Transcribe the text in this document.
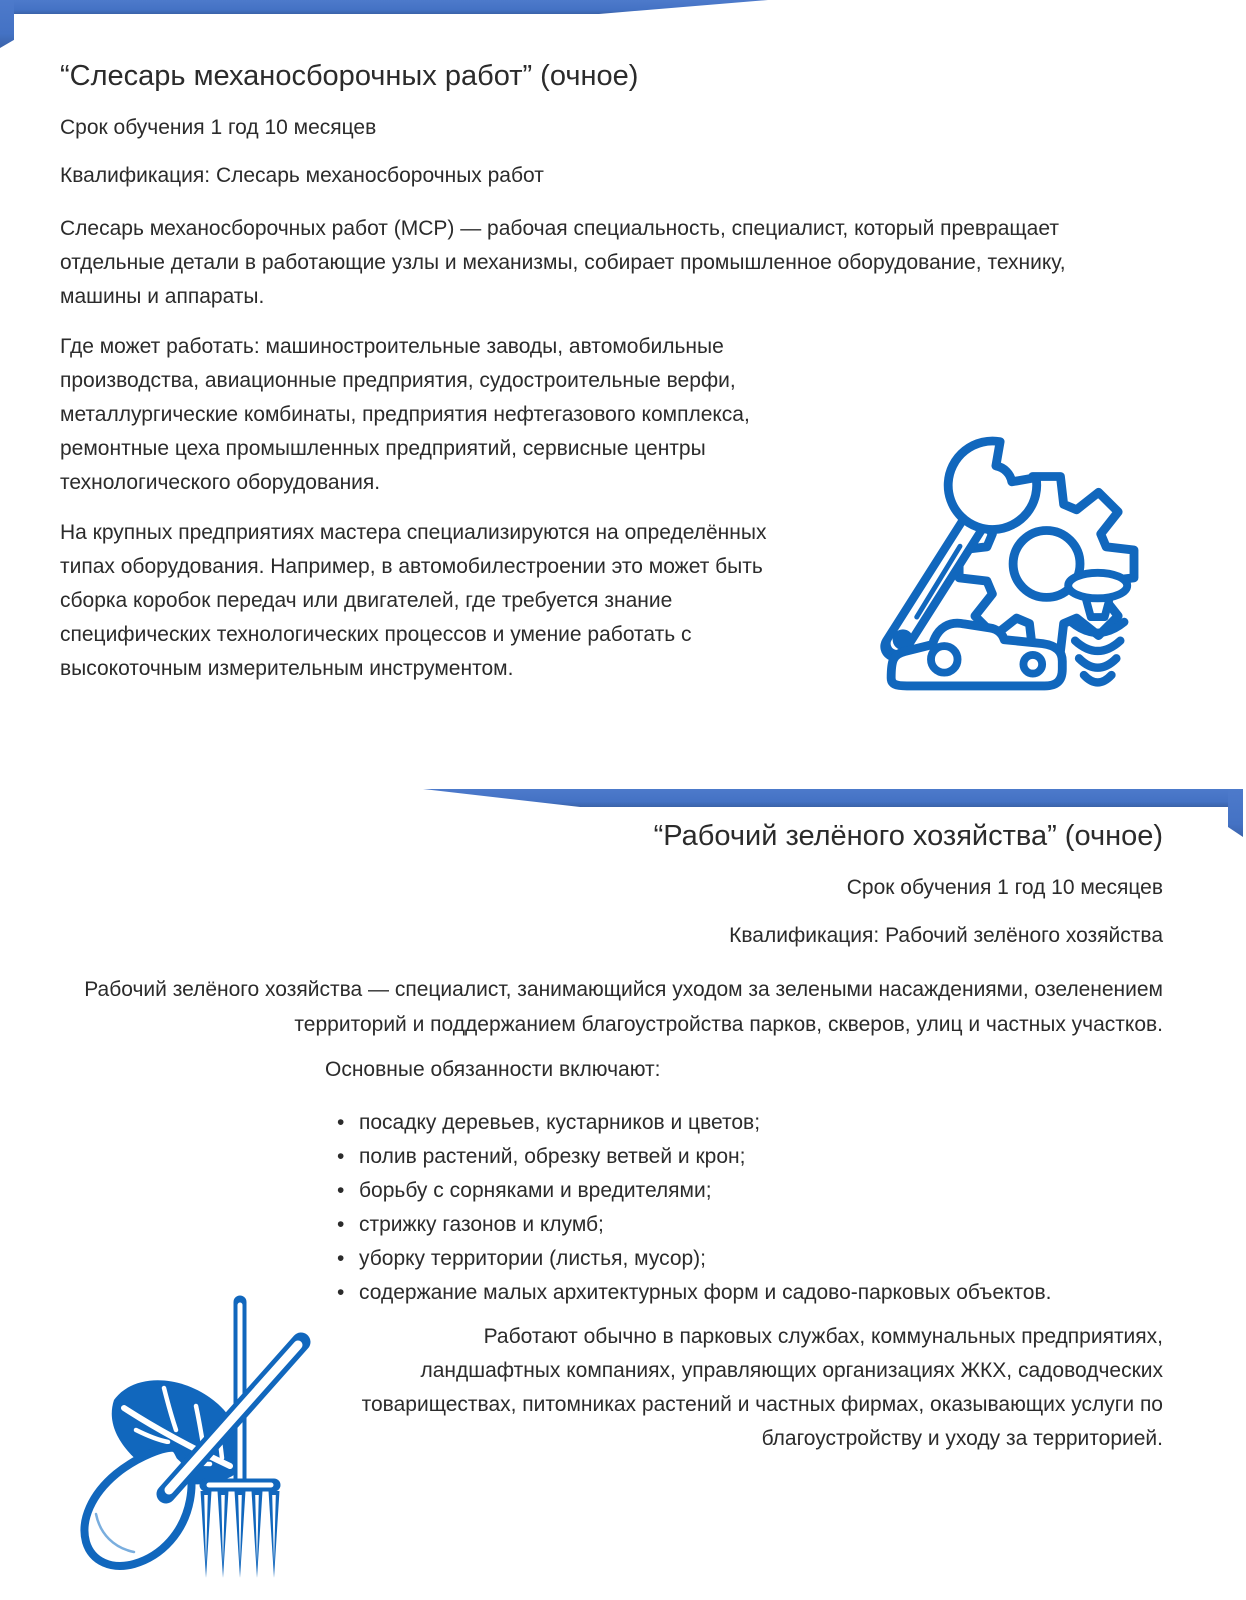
“Слесарь механосборочных работ” (очное)

Срок обучения 1 год 10 месяцев

Квалификация: Слесарь механосборочных работ

Слесарь механосборочных работ (МСР) — рабочая специальность, специалист, который превращает отдельные детали в работающие узлы и механизмы, собирает промышленное оборудование, технику, машины и аппараты.

Где может работать: машиностроительные заводы, автомобильные производства, авиационные предприятия, судостроительные верфи, металлургические комбинаты, предприятия нефтегазового комплекса, ремонтные цеха промышленных предприятий, сервисные центры технологического оборудования.

На крупных предприятиях мастера специализируются на определённых типах оборудования. Например, в автомобилестроении это может быть сборка коробок передач или двигателей, где требуется знание специфических технологических процессов и умение работать с высокоточным измерительным инструментом.

“Рабочий зелёного хозяйства” (очное)

Срок обучения 1 год 10 месяцев

Квалификация: Рабочий зелёного хозяйства

Рабочий зелёного хозяйства — специалист, занимающийся уходом за зелеными насаждениями, озеленением территорий и поддержанием благоустройства парков, скверов, улиц и частных участков.

Основные обязанности включают:

• посадку деревьев, кустарников и цветов;
• полив растений, обрезку ветвей и крон;
• борьбу с сорняками и вредителями;
• стрижку газонов и клумб;
• уборку территории (листья, мусор);
• содержание малых архитектурных форм и садово-парковых объектов.

Работают обычно в парковых службах, коммунальных предприятиях, ландшафтных компаниях, управляющих организациях ЖКХ, садоводческих товариществах, питомниках растений и частных фирмах, оказывающих услуги по благоустройству и уходу за территорией.
